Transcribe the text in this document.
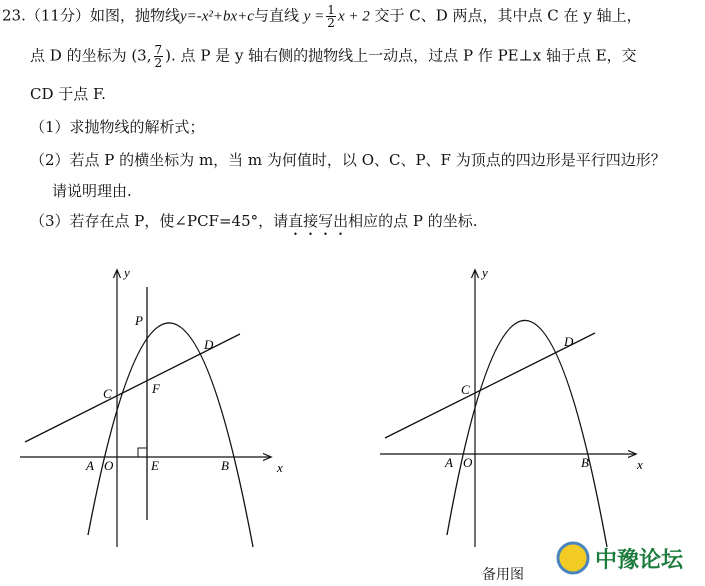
23.（11分）如图，抛物线y=-x²+bx+c与直线 $y = \frac{1}{2}$ x + 2 交于 C、D 两点，其中点 C 在 y 轴上，
点 D 的坐标为 (3, $\frac{7}{2}$ ). 点 P 是 y 轴右侧的抛物线上一动点，过点 P 作 PE⊥x 轴于点 E，交
CD 于点 F.
（1）求抛物线的解析式；
（2）若点 P 的横坐标为 m，当 m 为何值时，以 O、C、P、F 为顶点的四边形是平行四边形？
请说明理由.
（3）若存在点 P，使∠PCF=45°，请直接写出相应的点 P 的坐标.
y
x
P
D
C	F
A O	E	B
y
x
D
C
A O	B
备用图
中豫论坛
